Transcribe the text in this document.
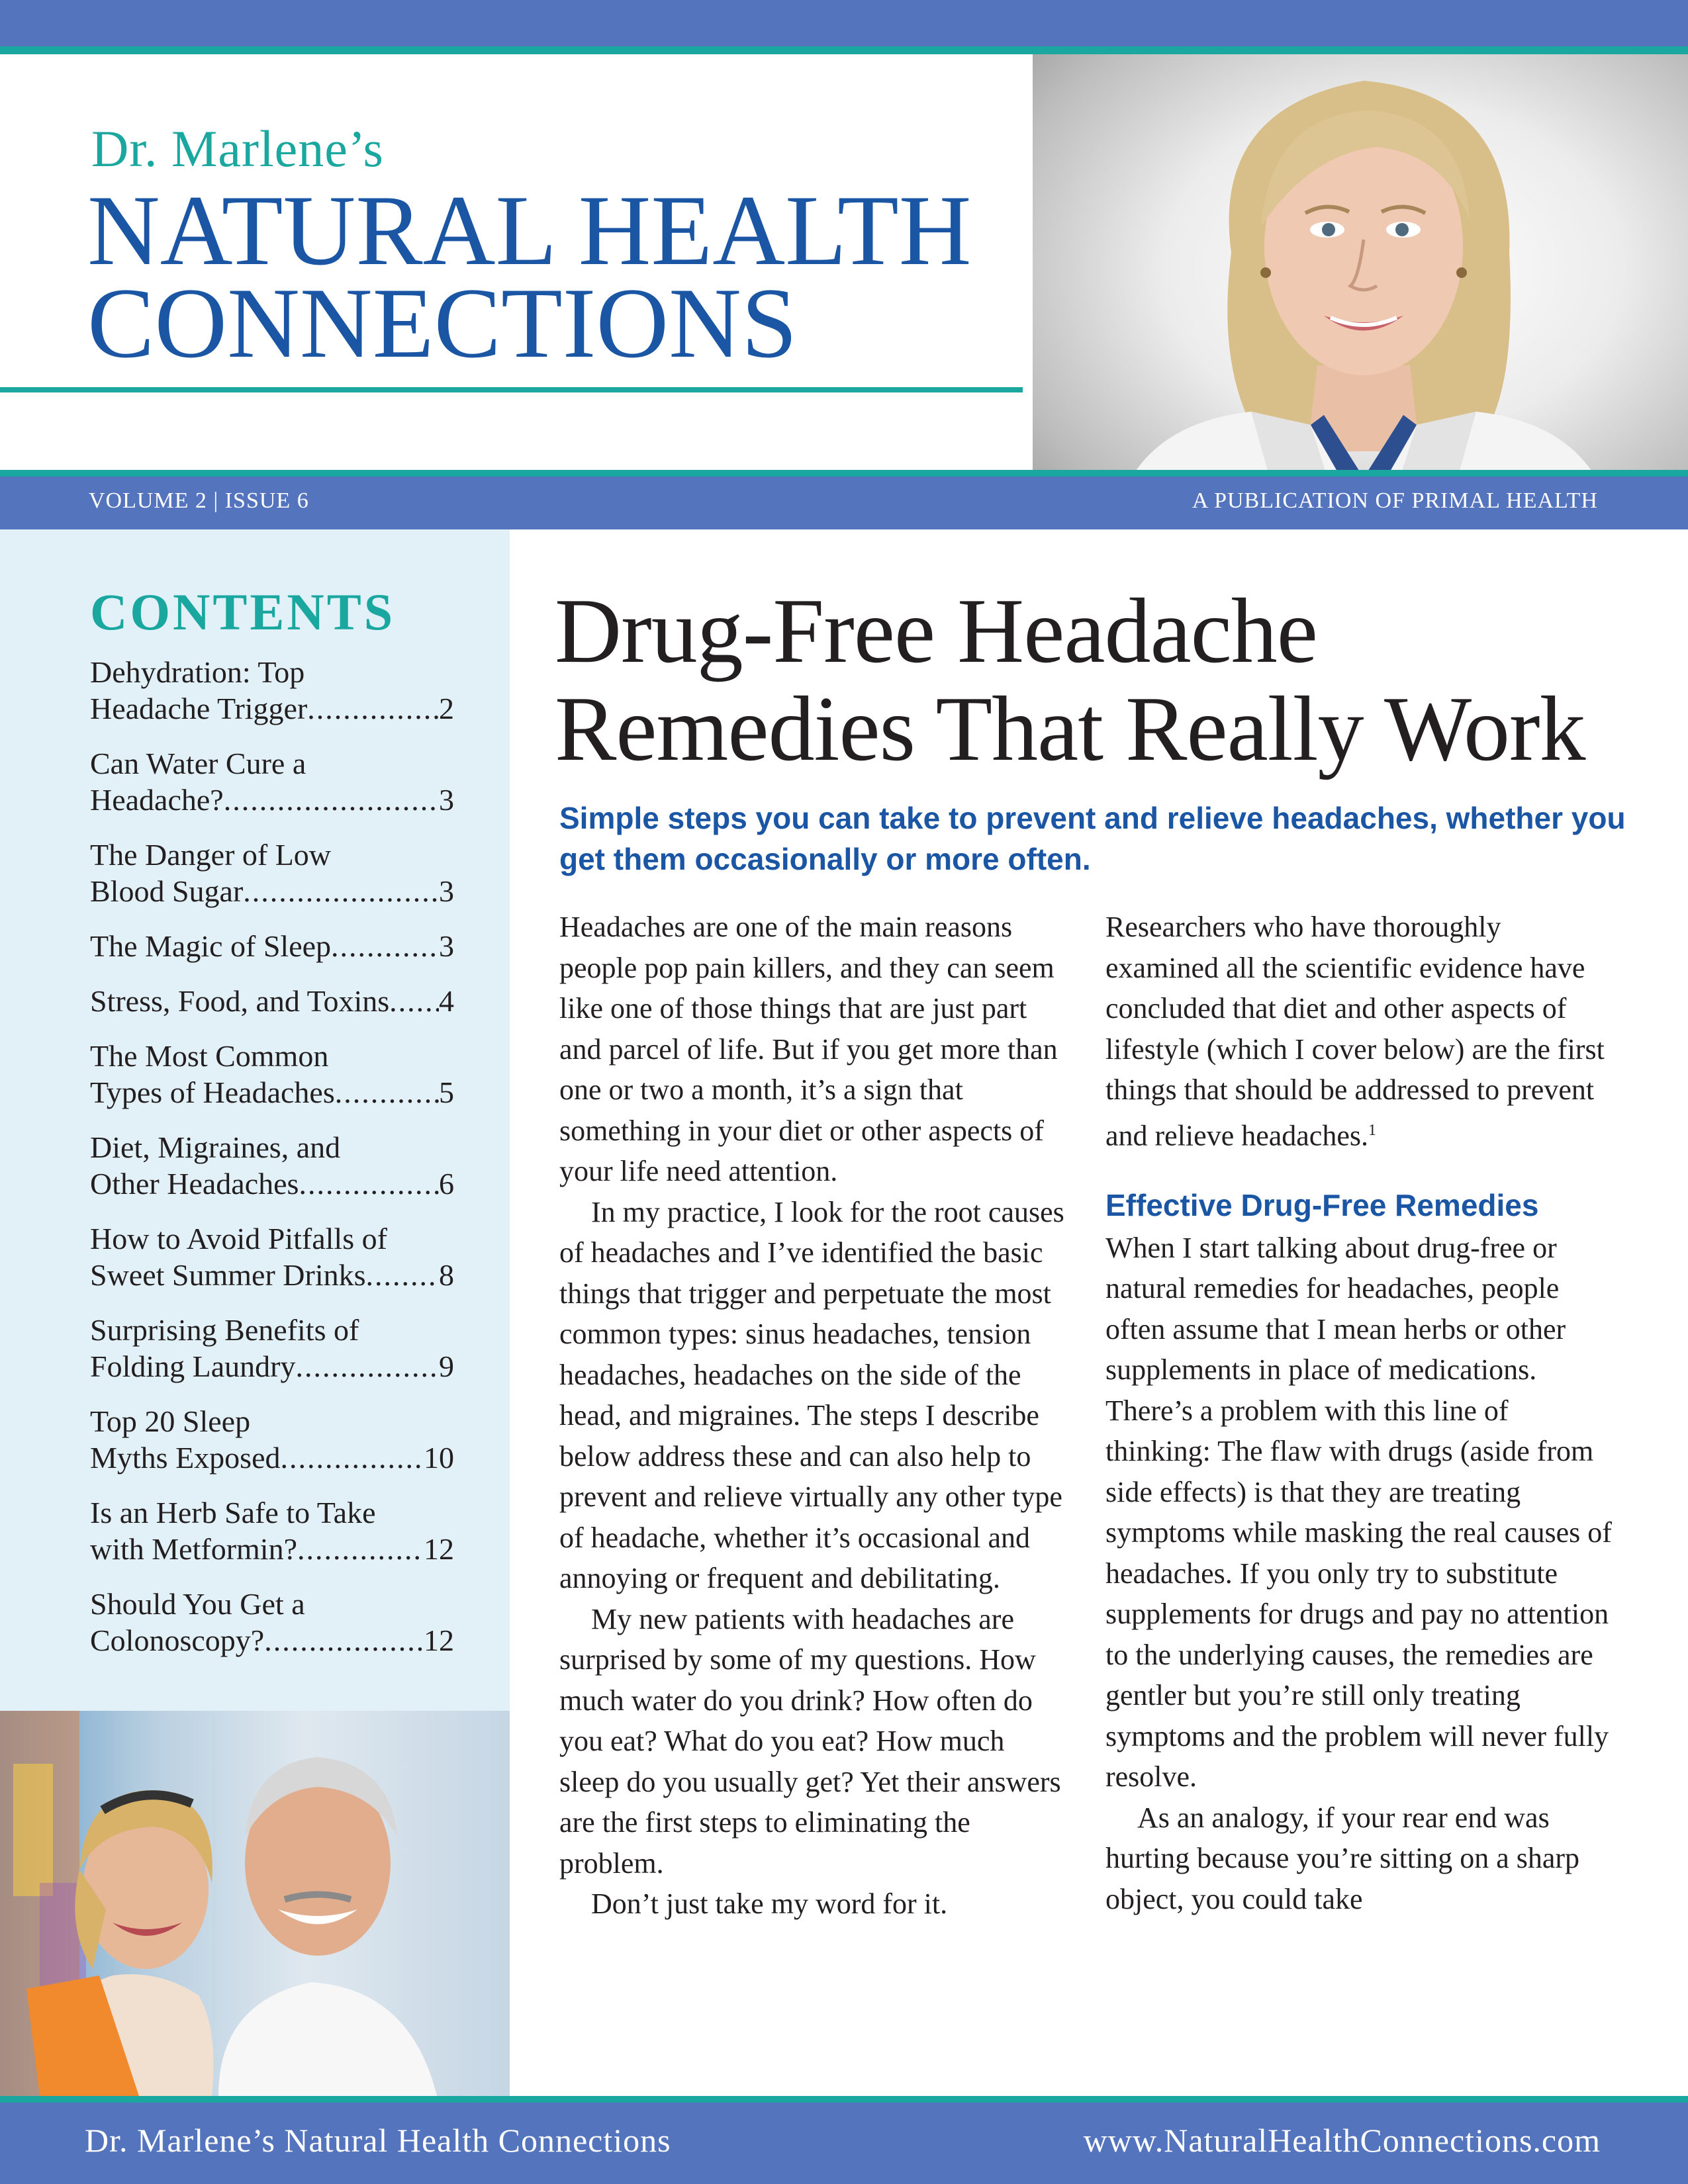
Dr. Marlene’s
NATURAL HEALTH
CONNECTIONS
VOLUME 2 | ISSUE 6	A PUBLICATION OF PRIMAL HEALTH
CONTENTS
Dehydration: Top
Headache Trigger .....	2
Can Water Cure a
Headache? .....	3
The Danger of Low
Blood Sugar .....	3
The Magic of Sleep .....	3
Stress, Food, and Toxins ..... 4
The Most Common
Types of Headaches .....	5
Diet, Migraines, and
Other Headaches .....	6
How to Avoid Pitfalls of
Sweet Summer Drinks ..... 8
Surprising Benefits of
Folding Laundry .....	9
Top 20 Sleep
Myths Exposed .....	10
Is an Herb Safe to Take
with Metformin? .....	12
Should You Get a
Colonoscopy? .....	12
Drug-Free Headache
Remedies That Really Work
Simple steps you can take to prevent and relieve headaches, whether you get them occasionally or more often.

Headaches are one of the main reasons people pop pain killers, and they can seem like one of those things that are just part and parcel of life. But if you get more than one or two a month, it’s a sign that something in your diet or other aspects of your life need attention.

In my practice, I look for the root causes of headaches and I’ve identified the basic things that trigger and perpetuate the most common types: sinus headaches, tension headaches, headaches on the side of the head, and migraines. The steps I describe below address these and can also help to prevent and relieve virtually any other type of headache, whether it’s occasional and annoying or frequent and debilitating.

My new patients with headaches are surprised by some of my questions. How much water do you drink? How often do you eat? What do you eat? How much sleep do you usually get? Yet their answers are the first steps to eliminating the problem.

Don’t just take my word for it.

Researchers who have thoroughly examined all the scientific evidence have concluded that diet and other aspects of lifestyle (which I cover below) are the first things that should be addressed to prevent and relieve headaches.$^1$

Effective Drug-Free Remedies

When I start talking about drug-free or natural remedies for headaches, people often assume that I mean herbs or other supplements in place of medications. There’s a problem with this line of thinking: The flaw with drugs (aside from side effects) is that they are treating symptoms while masking the real causes of headaches. If you only try to substitute supplements for drugs and pay no attention to the underlying causes, the remedies are gentler but you’re still only treating symptoms and the problem will never fully resolve.

As an analogy, if your rear end was hurting because you’re sitting on a sharp object, you could take

Dr. Marlene’s Natural Health Connections	www.NaturalHealthConnections.com
